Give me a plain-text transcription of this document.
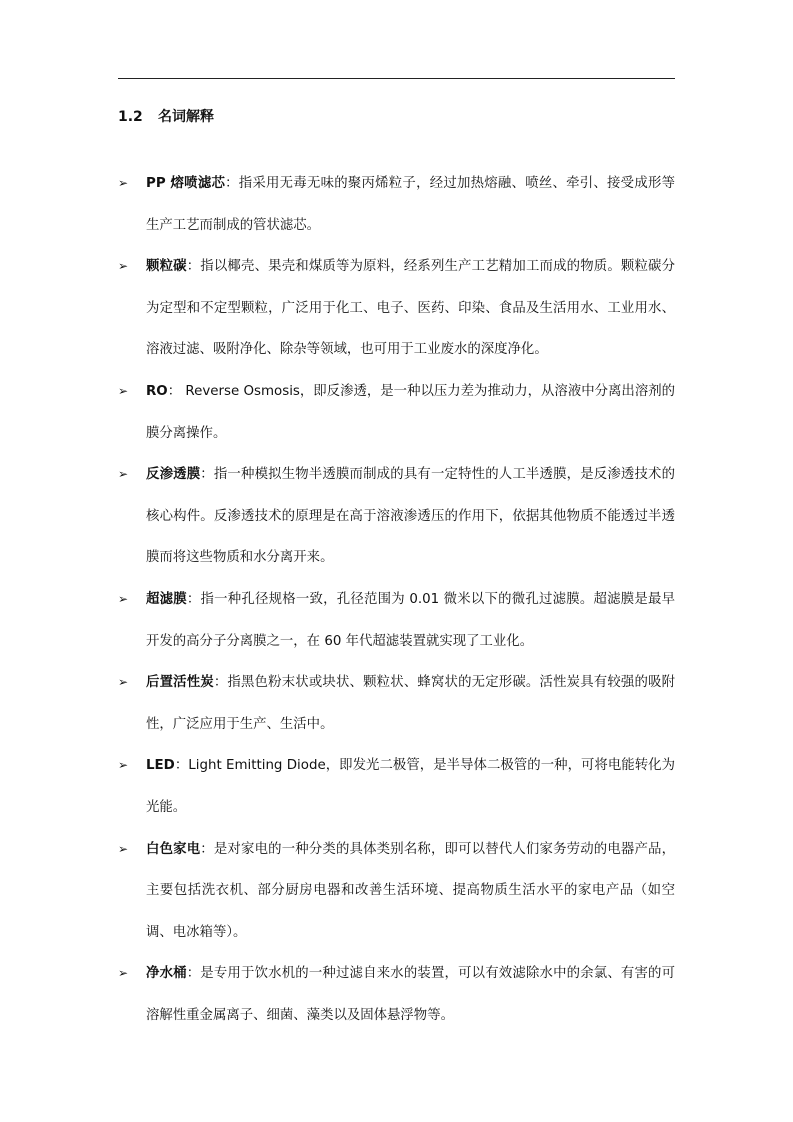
1.2 名词解释
➢ PP 熔喷滤芯：指采用无毒无味的聚丙烯粒子，经过加热熔融、喷丝、牵引、接受成形等生产工艺而制成的管状滤芯。
➢ 颗粒碳：指以椰壳、果壳和煤质等为原料，经系列生产工艺精加工而成的物质。颗粒碳分为定型和不定型颗粒，广泛用于化工、电子、医药、印染、食品及生活用水、工业用水、溶液过滤、吸附净化、除杂等领域，也可用于工业废水的深度净化。
➢ RO： Reverse Osmosis，即反渗透，是一种以压力差为推动力，从溶液中分离出溶剂的膜分离操作。
➢ 反渗透膜：指一种模拟生物半透膜而制成的具有一定特性的人工半透膜，是反渗透技术的核心构件。反渗透技术的原理是在高于溶液渗透压的作用下，依据其他物质不能透过半透膜而将这些物质和水分离开来。
➢ 超滤膜：指一种孔径规格一致，孔径范围为 0.01 微米以下的微孔过滤膜。超滤膜是最早开发的高分子分离膜之一，在 60 年代超滤装置就实现了工业化。
➢ 后置活性炭：指黑色粉末状或块状、颗粒状、蜂窝状的无定形碳。活性炭具有较强的吸附性，广泛应用于生产、生活中。
➢ LED：Light Emitting Diode，即发光二极管，是半导体二极管的一种，可将电能转化为光能。
➢ 白色家电：是对家电的一种分类的具体类别名称，即可以替代人们家务劳动的电器产品，主要包括洗衣机、部分厨房电器和改善生活环境、提高物质生活水平的家电产品（如空调、电冰箱等）。
➢ 净水桶：是专用于饮水机的一种过滤自来水的装置，可以有效滤除水中的余氯、有害的可溶解性重金属离子、细菌、藻类以及固体悬浮物等。
